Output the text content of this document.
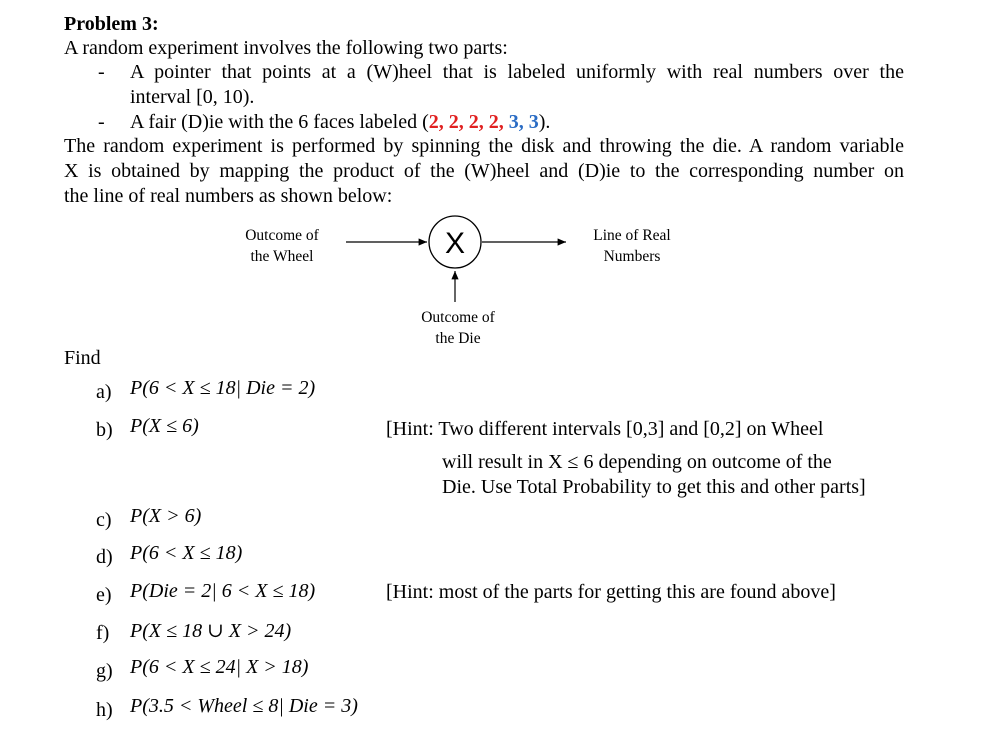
Problem 3:
A random experiment involves the following two parts:
- A pointer that points at a (W)heel that is labeled uniformly with real numbers over the
interval [0, 10).
- A fair (D)ie with the 6 faces labeled (2, 2, 2, 2, 3, 3).
The random experiment is performed by spinning the disk and throwing the die. A random variable
X is obtained by mapping the product of the (W)heel and (D)ie to the corresponding number on
the line of real numbers as shown below:
Outcome of
the Wheel
Line of Real
Numbers
Outcome of
the Die
X
Find
a) P(6 < X ≤ 18| Die = 2)
b) P(X ≤ 6)
c) P(X > 6)
d) P(6 < X ≤ 18)
e) P(Die = 2| 6 < X ≤ 18)
f) P(X ≤ 18 ∪ X > 24)
g) P(6 < X ≤ 24| X > 18)
h) P(3.5 < Wheel ≤ 8| Die = 3)
[Hint: Two different intervals [0,3] and [0,2] on Wheel
will result in X ≤ 6 depending on outcome of the
Die. Use Total Probability to get this and other parts]
[Hint: most of the parts for getting this are found above]
